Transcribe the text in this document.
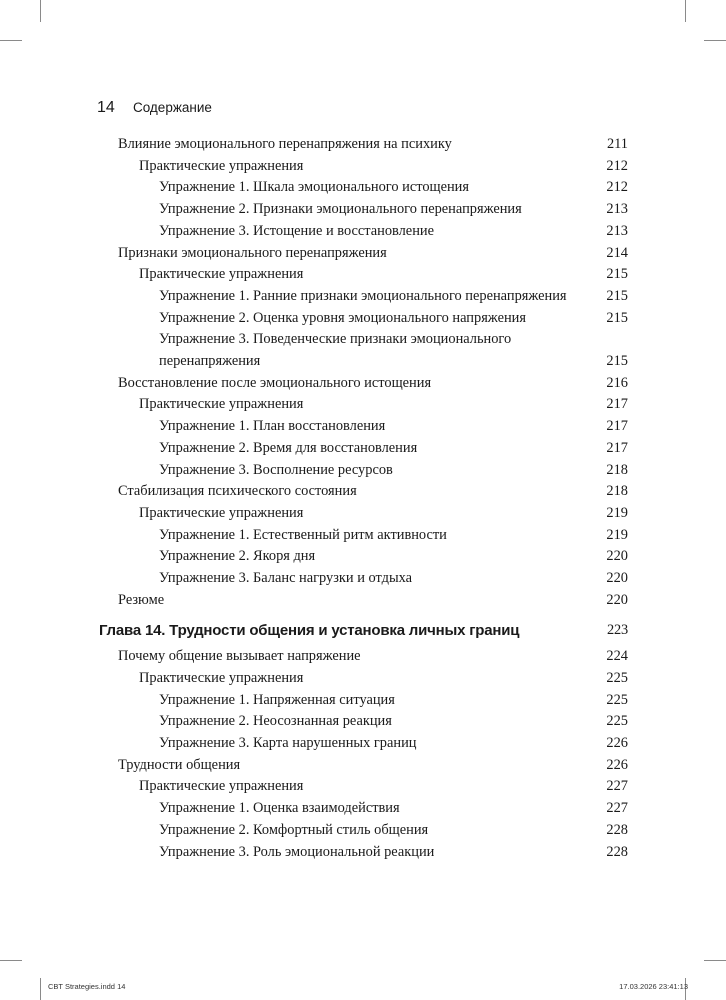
14 Содержание
Влияние эмоционального перенапряжения на психику	211
Практические упражнения	212
Упражнение 1. Шкала эмоционального истощения	212
Упражнение 2. Признаки эмоционального перенапряжения	213
Упражнение 3. Истощение и восстановление	213
Признаки эмоционального перенапряжения	214
Практические упражнения	215
Упражнение 1. Ранние признаки эмоционального перенапряжения	215
Упражнение 2. Оценка уровня эмоционального напряжения	215
Упражнение 3. Поведенческие признаки эмоционального перенапряжения	215
Восстановление после эмоционального истощения	216
Практические упражнения	217
Упражнение 1. План восстановления	217
Упражнение 2. Время для восстановления	217
Упражнение 3. Восполнение ресурсов	218
Стабилизация психического состояния	218
Практические упражнения	219
Упражнение 1. Естественный ритм активности	219
Упражнение 2. Якоря дня	220
Упражнение 3. Баланс нагрузки и отдыха	220
Резюме	220
Глава 14. Трудности общения и установка личных границ	223
Почему общение вызывает напряжение	224
Практические упражнения	225
Упражнение 1. Напряженная ситуация	225
Упражнение 2. Неосознанная реакция	225
Упражнение 3. Карта нарушенных границ	226
Трудности общения	226
Практические упражнения	227
Упражнение 1. Оценка взаимодействия	227
Упражнение 2. Комфортный стиль общения	228
Упражнение 3. Роль эмоциональной реакции	228
CBT Strategies.indd 14	17.03.2026 23:41:13
